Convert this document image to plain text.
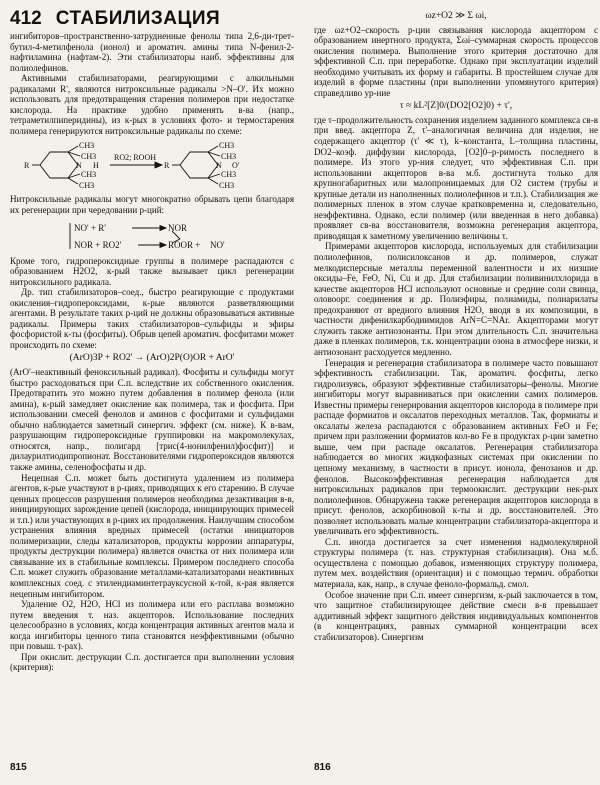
412 СТАБИЛИЗАЦИЯ

ингибиторов–пространственно-затрудненные фенолы типа 2,6-ди-трет-бутил-4-метилфенола (ионол) и ароматич. амины типа N-фенил-2-нафтиламина (нафтам-2). Эти стабилизаторы наиб. эффективны для полиолефинов.

Активными стабилизаторами, реагирующими с алкильными радикалами R', являются нитроксильные радикалы >N–O'. Их можно использовать для предотвращения старения полимеров при недостатке кислорода. На практике удобно применять в-ва (напр., тетраметилпиперидины), из к-рых в условиях фото- и термостарения полимера генерируются нитроксильные радикалы по схеме:

R
CH3
CH3
CH3
CH3
N H	R
CH3
CH3
CH3
CH3
N O'
RO2; ROOH

Нитроксильные радикалы могут многократно обрывать цепи благодаря их регенерации при чередовании р-ций:

NO' + R'	NOR
NOR + RO2'	ROOR + NO'

Кроме того, гидропероксидные группы в полимере распадаются с образованием H2O2, к-рый также вызывает цикл регенерации нитроксильного радикала.

Др. тип стабилизаторов–соед., быстро реагирующие с продуктами окисления–гидропероксидами, к-рые являются разветвляющими агентами. В результате таких р-ций не должны образовываться активные радикалы. Примеры таких стабилизаторов–сульфиды и эфиры фосфористой к-ты (фосфиты). Обрыв цепей ароматич. фосфитами может происходить по схеме:

(ArO)3P + RO2' → (ArO)2P(O)OR + ArO'

(ArO'–неактивный феноксильный радикал). Фосфиты и сульфиды могут быстро расходоваться при С.п. вследствие их собственного окисления. Предотвратить это можно путем добавления в полимер фенола (или амина), к-рый замедляет окисление как полимера, так и фосфита. При использовании смесей фенолов и аминов с фосфитами и сульфидами обычно наблюдается заметный синергич. эффект (см. ниже). К в-вам, разрушающим гидропероксидные группировки на макромолекулах, относятся, напр., полигард [трис(4-нонилфенил)фосфит)] и дилаурилтиодипропионат. Восстановителями гидропероксидов являются также амины, селенофосфаты и др.

Нецепная С.п. может быть достигнута удалением из полимера агентов, к-рые участвуют в р-циях, приводящих к его старению. В случае ценных процессов разрушения полимеров необходима дезактивация в-в, инициирующих зарождение цепей (кислорода, инициирующих примесей и т.п.) или участвующих в р-циях их продолжения. Наилучшим способом устранения влияния вредных примесей (остатки инициаторов полимеризации, следы катализаторов, продукты коррозии аппаратуры, продукты деструкции полимера) является очистка от них полимера или связывание их в стабильные комплексы. Примером последнего способа С.п. может служить образование металлами-катализаторами неактивных комплексных соед. с этилендиаминтетрауксусной к-той, к-рая является нецепным ингибитором.

Удаление O2, H2O, HCl из полимера или его расплава возможно путем введения т. наз. акцепторов. Использование последних целесообразно в условиях, когда концентрация активных агентов мала и когда ингибиторы ценного типа становятся неэффективными (обычно при повыш. т-рах).

При окислит. деструкции С.п. достигается при выполнении условия (критерия):

ωz+O2 ≫ Σ ωi,

где ωz+O2–скорость р-ции связывания кислорода акцептором с образованием инертного продукта, Σωi–суммарная скорость процессов окисления полимера. Выполнение этого критерия достаточно для эффективной С.п. при переработке. Однако при эксплуатации изделий необходимо учитывать их форму и габариты. В простейшем случае для изделий в форме пластины (при выполнении упомянутого критерия) справедливо ур-ние

τ ≈ kL²[Z]0/(DO2[O2]0) + τ',

где τ–продолжительность сохранения изделием заданного комплекса св-в при введ. акцептора Z, τ'–аналогичная величина для изделия, не содержащего акцептор (τ' ≪ τ), k–константа, L–толщина пластины, DO2–коэф. диффузии кислорода, [O2]0–р-римость последнего в полимере. Из этого ур-ния следует, что эффективная С.п. при использовании акцепторов в-ва м.б. достигнута только для крупногабаритных или малопроницаемых для O2 систем (трубы и крупные детали из наполненных полиолефинов и т.п.). Стабилизация же полимерных пленок в этом случае кратковременна и, следовательно, неэффективна. Однако, если полимер (или введенная в него добавка) проявляет св-ва восстановителя, возможна регенерация акцептора, приводящая к заметному увеличению величины τ.

Примерами акцепторов кислорода, используемых для стабилизации полиолефинов, полисилоксанов и др. полимеров, служат мелкодисперсные металлы переменной валентности и их низшие оксиды–Fe, FeO, Ni, Cu и др. Для стабилизации поливинилхлорида в качестве акцепторов HCl используют основные и средние соли свинца, оловоорг. соединения и др. Полиэфиры, полиамиды, полиарилаты предохраняют от вредного влияния H2O, вводя в их композиции, в частности дифенилкарбодиимидов ArN=C=NAr. Акцепторами могут служить также антиозонанты. При этом длительность С.п. значительна даже в пленках полимеров, т.к. концентрации озона в атмосфере низки, и антиозонант расходуется медленно.

Генерация и регенерация стабилизатора в полимере часто повышают эффективность стабилизации. Так, ароматич. фосфиты, легко гидролизуясь, образуют эффективные стабилизаторы–фенолы. Многие ингибиторы могут выравниваться при окислении самих полимеров. Известны примеры генерирования акцепторов кислорода в полимере при распаде формиатов и оксалатов переходных металлов. Так, формиаты и оксалаты железа распадаются с образованием активных FeO и Fe; причем при разложении формиатов кол-во Fe в продуктах р-ции заметно выше, чем при распаде оксалатов. Регенерация стабилизатора наблюдается во многих жидкофазных системах при окислении по цепному механизму, в частности в присут. ионола, фенозанов и др. фенолов. Высокоэффективная регенерация наблюдается для нитроксильных радикалов при термоокислит. деструкции нек-рых полиолефинов. Обнаружена также регенерация акцепторов кислорода в присут. фенолов, аскорбиновой к-ты и др. восстановителей. Это позволяет использовать малые концентрации стабилизатора-акцептора и увеличивать его эффективность.

С.п. иногда достигается за счет изменения надмолекулярной структуры полимера (т. наз. структурная стабилизация). Она м.б. осуществлена с помощью добавок, изменяющих структуру полимера, путем мех. воздействия (ориентация) и с помощью термич. обработки материала, как, напр., в случае феноло-формальд. смол.

Особое значение при С.п. имеет синергизм, к-рый заключается в том, что защитное стабилизирующее действие смеси в-в превышает аддитивный эффект защитного действия индивидуальных компонентов (в концентрациях, равных суммарной концентрации всех стабилизаторов). Синергизм

815	816
